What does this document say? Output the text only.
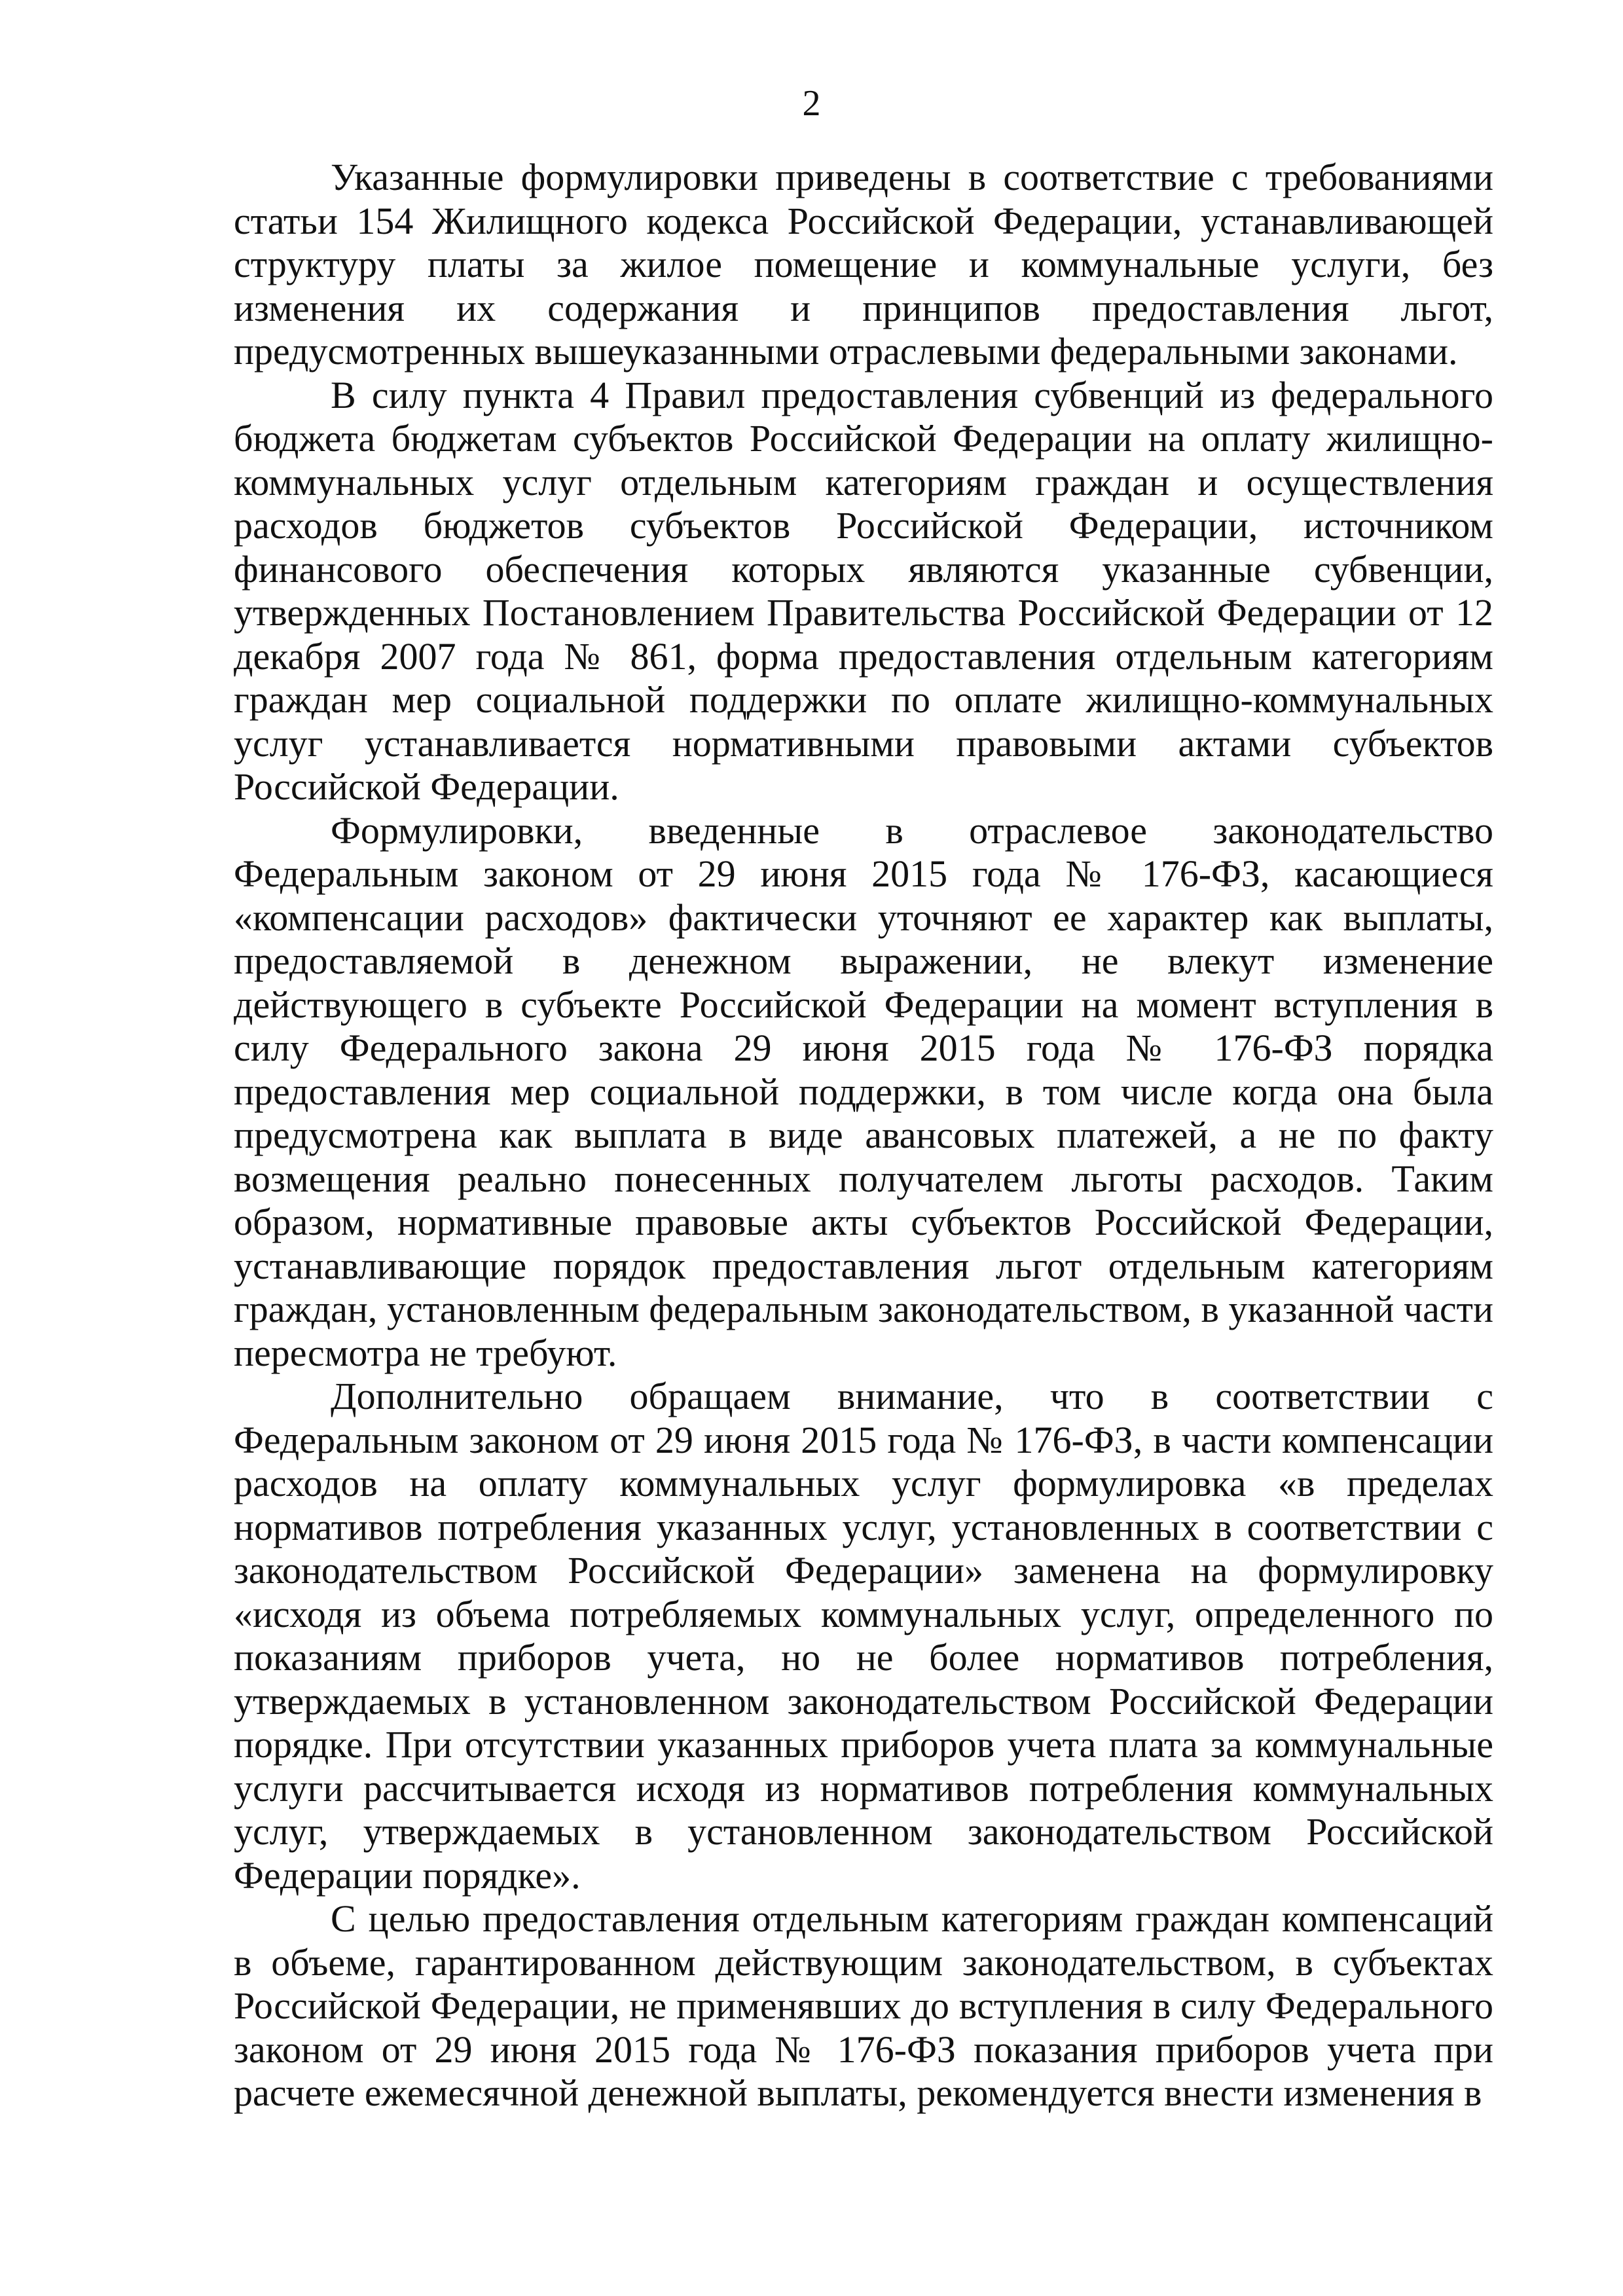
2

Указанные формулировки приведены в соответствие с требованиями статьи 154 Жилищного кодекса Российской Федерации, устанавливающей структуру платы за жилое помещение и коммунальные услуги, без изменения их содержания и принципов предоставления льгот, предусмотренных вышеуказанными отраслевыми федеральными законами.

В силу пункта 4 Правил предоставления субвенций из федерального бюджета бюджетам субъектов Российской Федерации на оплату жилищно-коммунальных услуг отдельным категориям граждан и осуществления расходов бюджетов субъектов Российской Федерации, источником финансового обеспечения которых являются указанные субвенции, утвержденных Постановлением Правительства Российской Федерации от 12 декабря 2007 года № 861, форма предоставления отдельным категориям граждан мер социальной поддержки по оплате жилищно-коммунальных услуг устанавливается нормативными правовыми актами субъектов Российской Федерации.

Формулировки, введенные в отраслевое законодательство Федеральным законом от 29 июня 2015 года № 176-ФЗ, касающиеся «компенсации расходов» фактически уточняют ее характер как выплаты, предоставляемой в денежном выражении, не влекут изменение действующего в субъекте Российской Федерации на момент вступления в силу Федерального закона 29 июня 2015 года № 176-ФЗ порядка предоставления мер социальной поддержки, в том числе когда она была предусмотрена как выплата в виде авансовых платежей, а не по факту возмещения реально понесенных получателем льготы расходов. Таким образом, нормативные правовые акты субъектов Российской Федерации, устанавливающие порядок предоставления льгот отдельным категориям граждан, установленным федеральным законодательством, в указанной части пересмотра не требуют.

Дополнительно обращаем внимание, что в соответствии с Федеральным законом от 29 июня 2015 года № 176-ФЗ, в части компенсации расходов на оплату коммунальных услуг формулировка «в пределах нормативов потребления указанных услуг, установленных в соответствии с законодательством Российской Федерации» заменена на формулировку «исходя из объема потребляемых коммунальных услуг, определенного по показаниям приборов учета, но не более нормативов потребления, утверждаемых в установленном законодательством Российской Федерации порядке. При отсутствии указанных приборов учета плата за коммунальные услуги рассчитывается исходя из нормативов потребления коммунальных услуг, утверждаемых в установленном законодательством Российской Федерации порядке».

С целью предоставления отдельным категориям граждан компенсаций в объеме, гарантированном действующим законодательством, в субъектах Российской Федерации, не применявших до вступления в силу Федерального законом от 29 июня 2015 года № 176-ФЗ показания приборов учета при расчете ежемесячной денежной выплаты, рекомендуется внести изменения в
